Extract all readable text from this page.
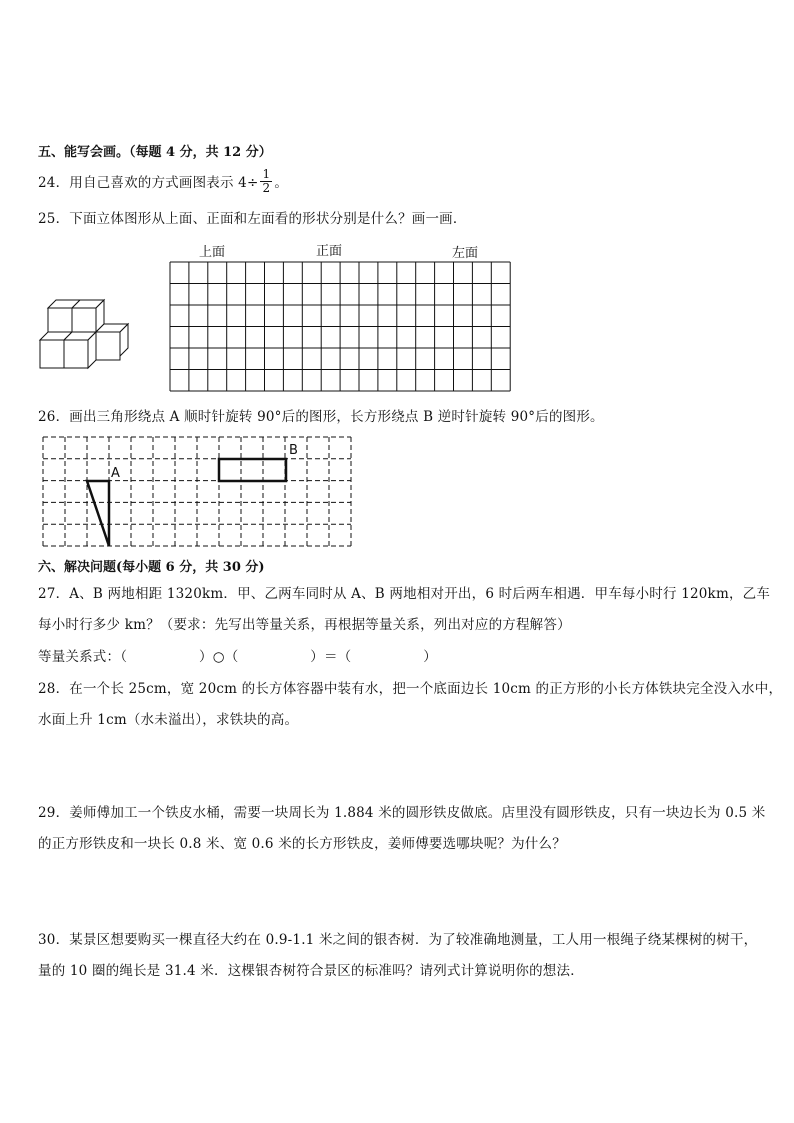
五、能写会画。（每题 4 分，共 12 分）
24．用自己喜欢的方式画图表示 $4\div \frac{1}{2}$ 。
25．下面立体图形从上面、正面和左面看的形状分别是什么？画一画．
上面	正面	左面
26．画出三角形绕点 A 顺时针旋转 90°后的图形，长方形绕点 B 逆时针旋转 90°后的图形。
A
B
六、解决问题(每小题 6 分，共 30 分)
27．A、B 两地相距 1320km．甲、乙两车同时从 A、B 两地相对开出，6 时后两车相遇．甲车每小时行 120km，乙车
每小时行多少 km？（要求：先写出等量关系，再根据等量关系，列出对应的方程解答）
等量关系式：（                ）○（                ）＝（                ）
28．在一个长 25cm，宽 20cm 的长方体容器中装有水，把一个底面边长 10cm 的正方形的小长方体铁块完全没入水中，
水面上升 1cm（水未溢出），求铁块的高。
29．姜师傅加工一个铁皮水桶，需要一块周长为 1.884 米的圆形铁皮做底。店里没有圆形铁皮，只有一块边长为 0.5 米
的正方形铁皮和一块长 0.8 米、宽 0.6 米的长方形铁皮，姜师傅要选哪块呢？为什么？
30．某景区想要购买一棵直径大约在 0.9-1.1 米之间的银杏树．为了较准确地测量，工人用一根绳子绕某棵树的树干，
量的 10 圈的绳长是 31.4 米．这棵银杏树符合景区的标准吗？请列式计算说明你的想法．
